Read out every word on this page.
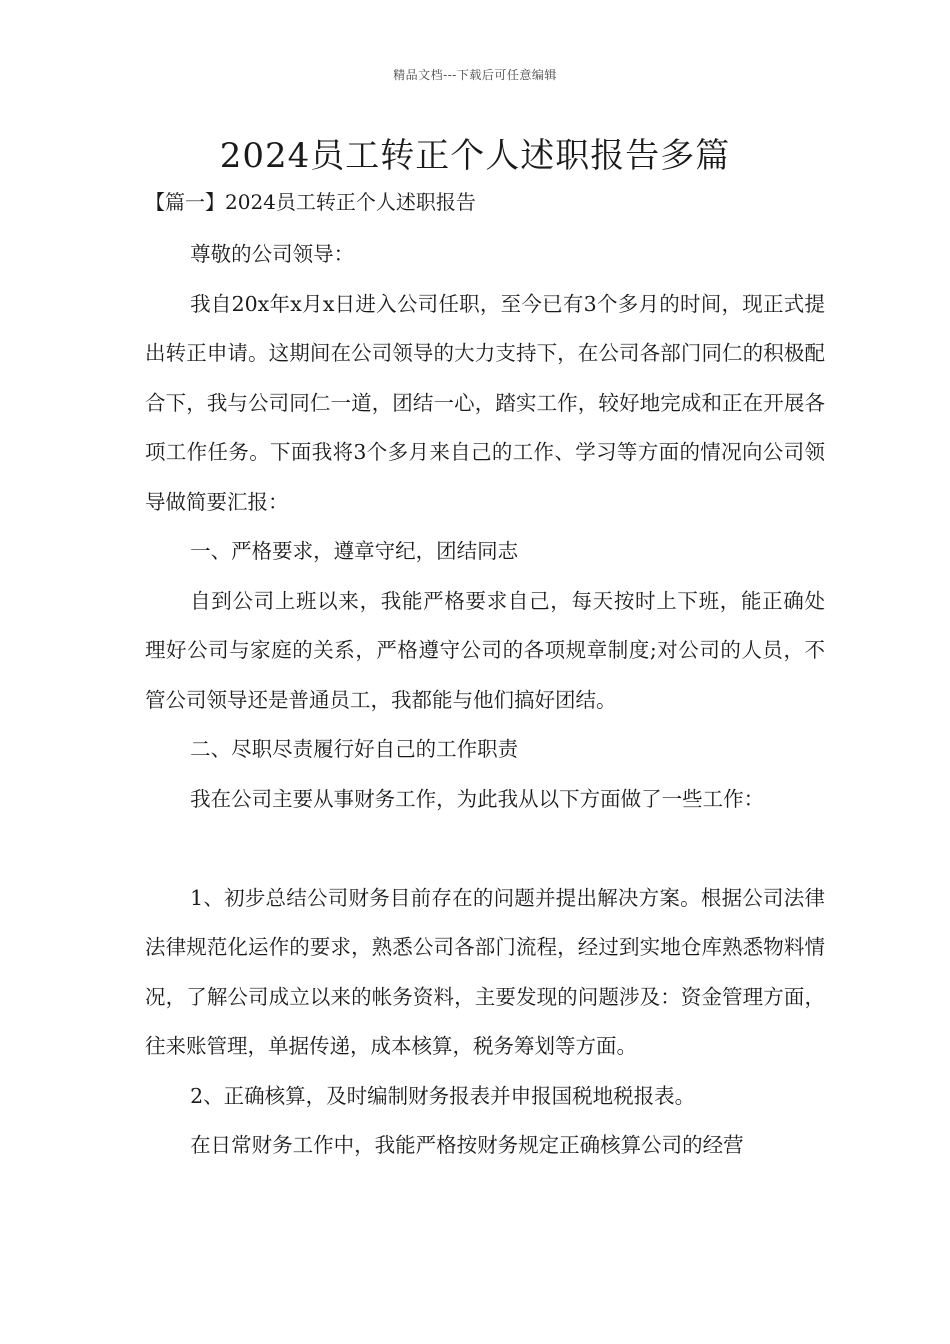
精品文档---下载后可任意编辑
2024员工转正个人述职报告多篇
【篇一】2024员工转正个人述职报告

尊敬的公司领导：

我自20x年x月x日进入公司任职，至今已有3个多月的时间，现正式提出转正申请。这期间在公司领导的大力支持下，在公司各部门同仁的积极配合下，我与公司同仁一道，团结一心，踏实工作，较好地完成和正在开展各项工作任务。下面我将3个多月来自己的工作、学习等方面的情况向公司领导做简要汇报：

一、严格要求，遵章守纪，团结同志

自到公司上班以来，我能严格要求自己，每天按时上下班，能正确处理好公司与家庭的关系，严格遵守公司的各项规章制度;对公司的人员，不管公司领导还是普通员工，我都能与他们搞好团结。

二、尽职尽责履行好自己的工作职责

我在公司主要从事财务工作，为此我从以下方面做了一些工作：

1、初步总结公司财务目前存在的问题并提出解决方案。根据公司法律法律规范化运作的要求，熟悉公司各部门流程，经过到实地仓库熟悉物料情况，了解公司成立以来的帐务资料，主要发现的问题涉及：资金管理方面，往来账管理，单据传递，成本核算，税务筹划等方面。

2、正确核算，及时编制财务报表并申报国税地税报表。

在日常财务工作中，我能严格按财务规定正确核算公司的经营
